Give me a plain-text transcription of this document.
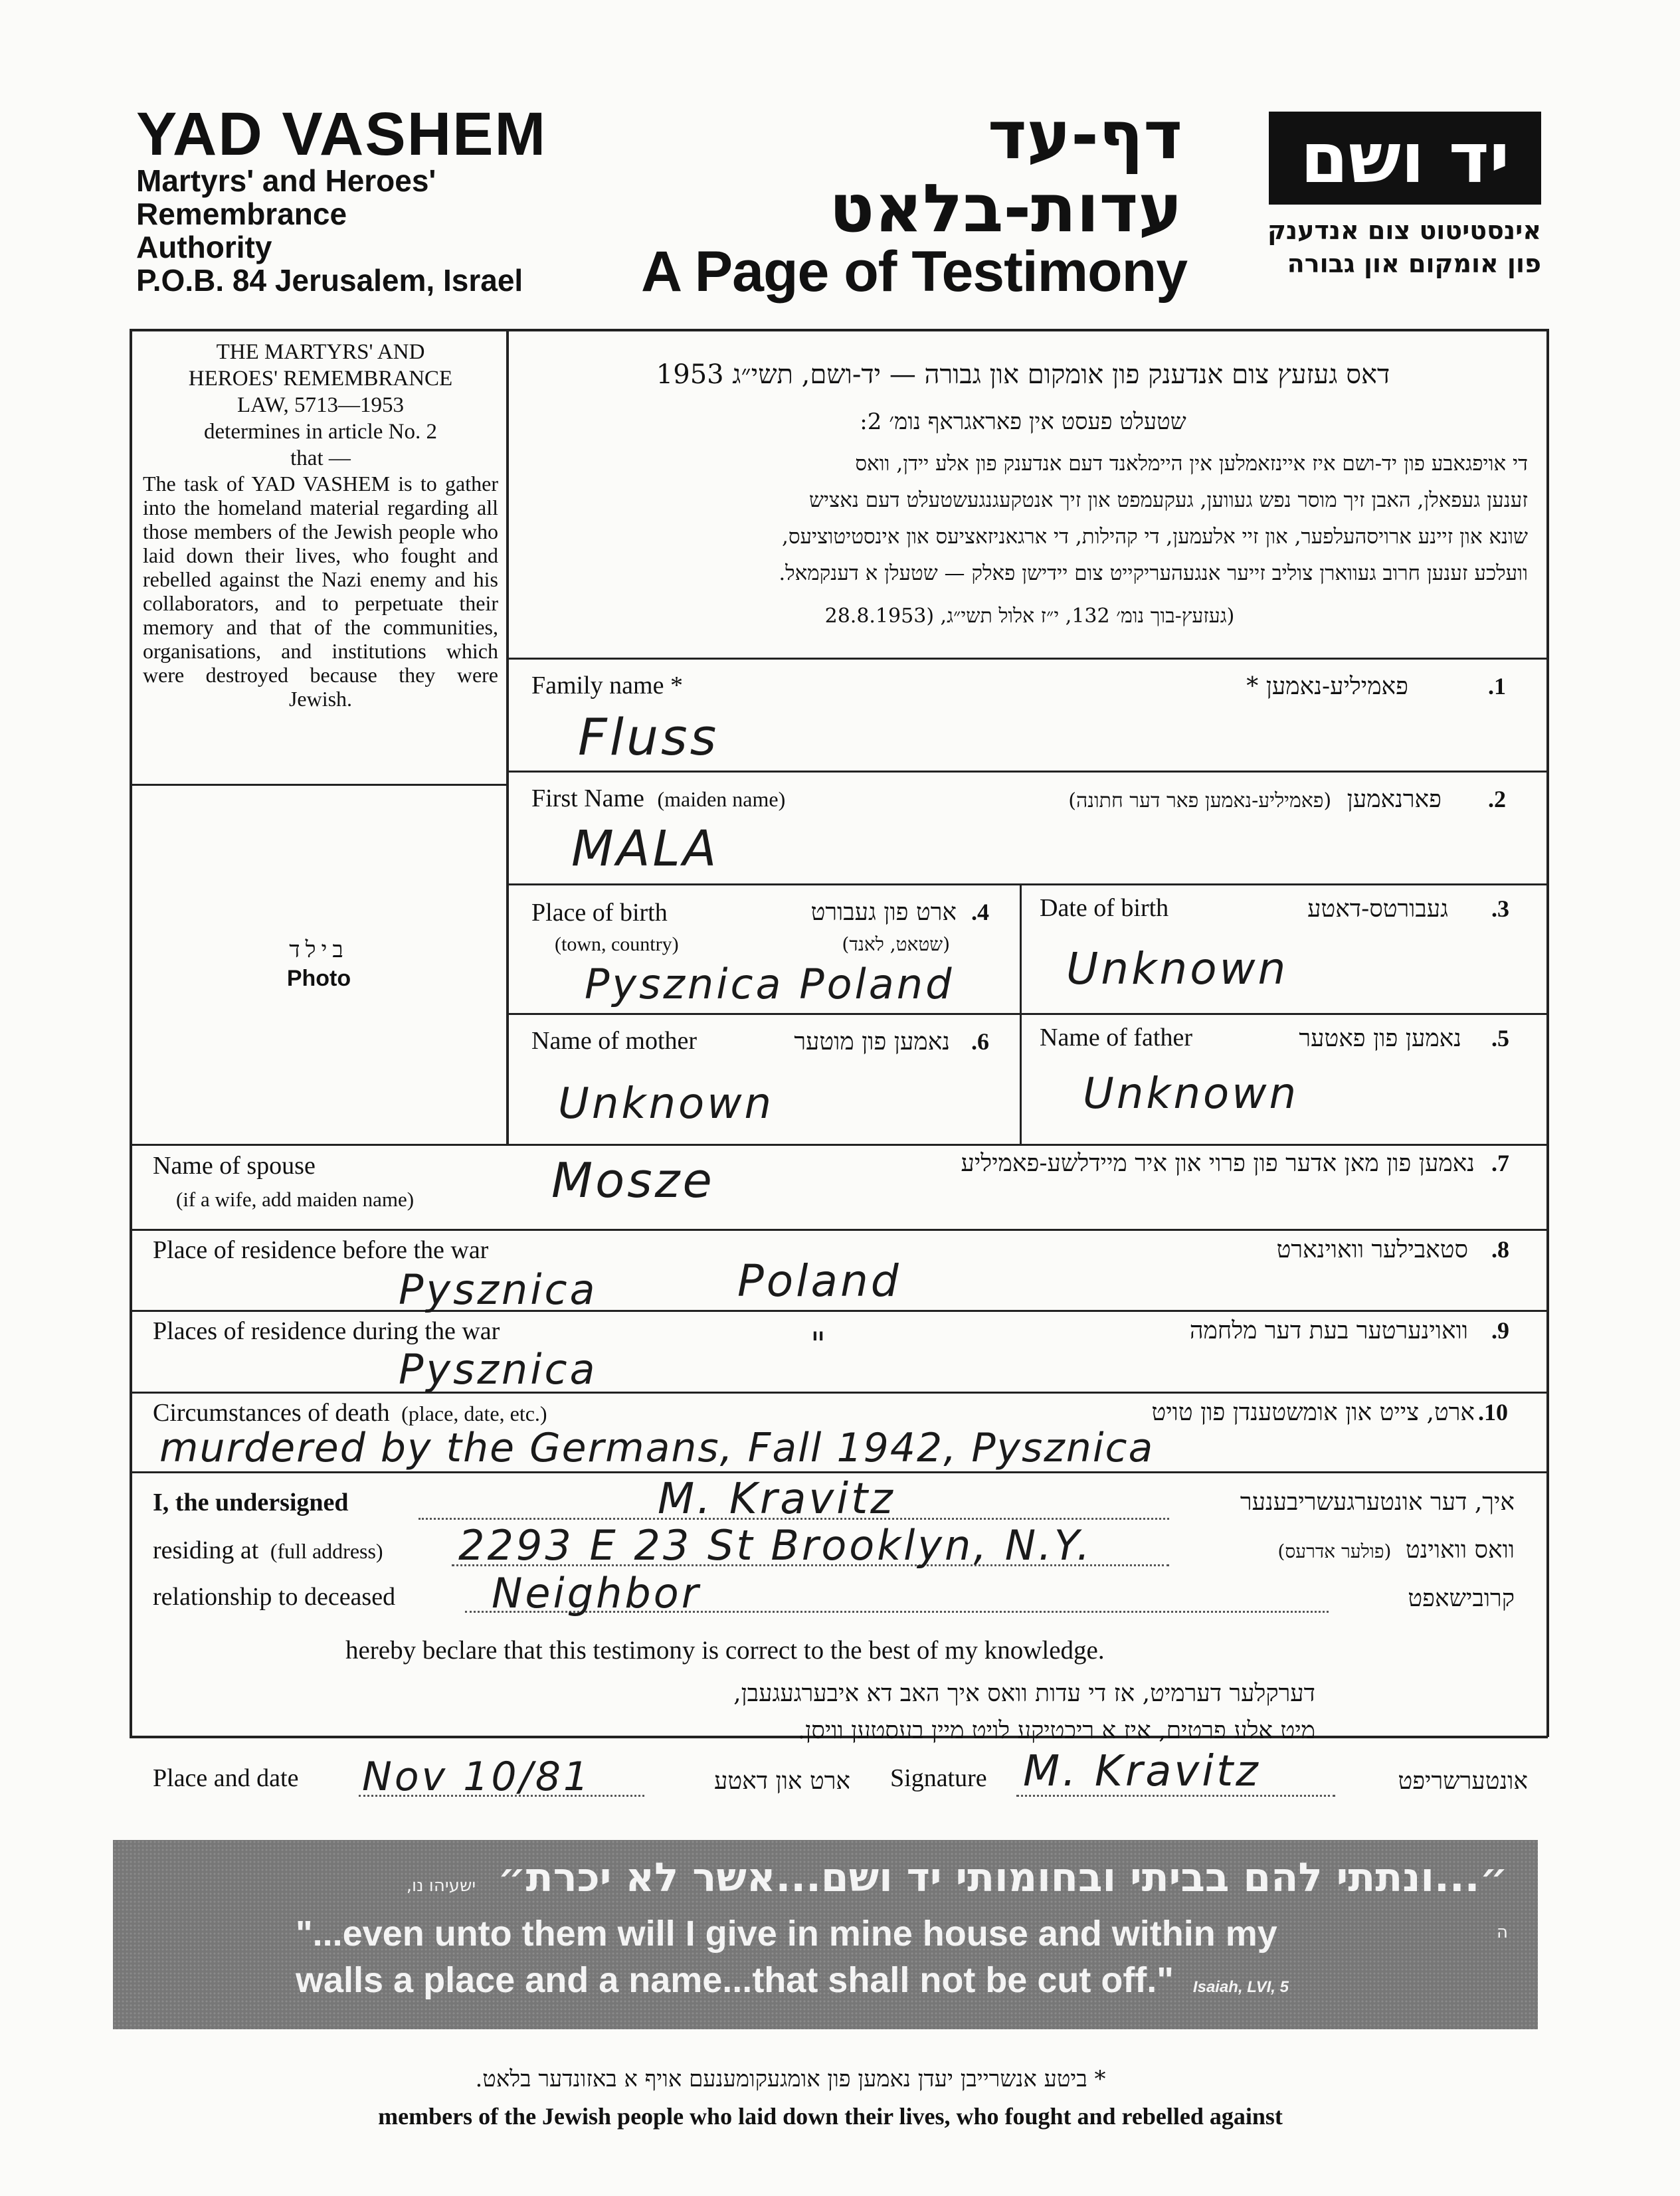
YAD VASHEM
Martyrs' and Heroes'
Remembrance
Authority
P.O.B. 84 Jerusalem, Israel
דף-עד
עדות-בלאט
A Page of Testimony
יד ושם
אינסטיטוט צום אנדענק
פון אומקום און גבורה
THE MARTYRS' AND
HEROES' REMEMBRANCE
LAW, 5713—1953
determines in article No. 2
that —
The task of YAD VASHEM is to gather into the homeland material regarding all those members of the Jewish people who laid down their lives, who fought and rebelled against the Nazi enemy and his collaborators, and to perpetuate their memory and that of the communities, organisations, and institutions which were destroyed because they were Jewish.
בילד
Photo
דאס געזעץ צום אנדענק פון אומקום און גבורה — יד-ושם, תשי״ג 1953
שטעלט פעסט אין פאראגראף נומ׳ 2:
די אויפגאבע פון יד-ושם איז איינזאמלען אין היימלאנד דעם אנדענק פון אלע יידן, וואס
זענען געפאלן, האבן זיך מוסר נפש געווען, געקעמפט און זיך אנטקעגנגעשטעלט דעם נאציש
שונא און זיינע ארויסהעלפער, און זיי אלעמען, די קהילות, די ארגאניזאציעס און אינסטיטוציעס,
וועלכע זענען חרוב געווארן צוליב זייער אנגעהעריקייט צום יידישן פאלק — שטעלן א דענקמאל.
(געזעץ-בוך נומ׳ 132, י״ז אלול תשי״ג, (28.8.1953
Family name *	פאמיליע-נאמען *	.1
Fluss
First Name (maiden name)	פארנאמען (פאמיליע-נאמען פאר דער חתונה)	.2
MALA
Place of birth	ארט פון געבורט .4
(town, country)	(שטאט, לאנד)
Pysznica Poland
Date of birth	געבורטס-דאטע .3
Unknown
Name of mother	נאמען פון מוטער .6
Unknown
Name of father	נאמען פון פאטער .5
Unknown
Name of spouse
(if a wife, add maiden name)	Mosze	נאמען פון מאן אדער פון פרוי און איר מיידלשע-פאמיליע .7
Place of residence before the war	סטאבילער וואוינארט .8
Pysznica	Poland
Places of residence during the war	וואוינערטער בעת דער מלחמה .9
Pysznica
"
Circumstances of death (place, date, etc.)	ארט, צייט און אומשטענדן פון טויט .10
murdered by the Germans, Fall 1942, Pysznica
I, the undersigned	M. Kravitz	איך, דער אונטערגעשריבענער
residing at (full address) 2293 E 23 St Brooklyn, N.Y.	וואס וואוינט (פולער אדרעס)
relationship to deceased Neighbor	קרובישאפט
hereby beclare that this testimony is correct to the best of my knowledge.
דערקלער דערמיט, אז די עדות וואס איך האב דא איבערגעגעבן,
מיט אלע פרטים, איז א ריכטיקע לויט מיין בעסטען וויסן.
Place and date Nov 10/81	ארט און דאטע Signature M. Kravitz	אונטערשריפט
״...ונתתי להם בביתי ובחומותי יד ושם...אשר לא יכרת״ ישעיהו נו, ה
"...even unto them will I give in mine house and within my
walls a place and a name...that shall not be cut off." Isaiah, LVI, 5
* ביטע אנשרייבן יעדן נאמען פון אומגעקומענעם אויף א באזונדער בלאט.
members of the Jewish people who laid down their lives, who fought and rebelled against
